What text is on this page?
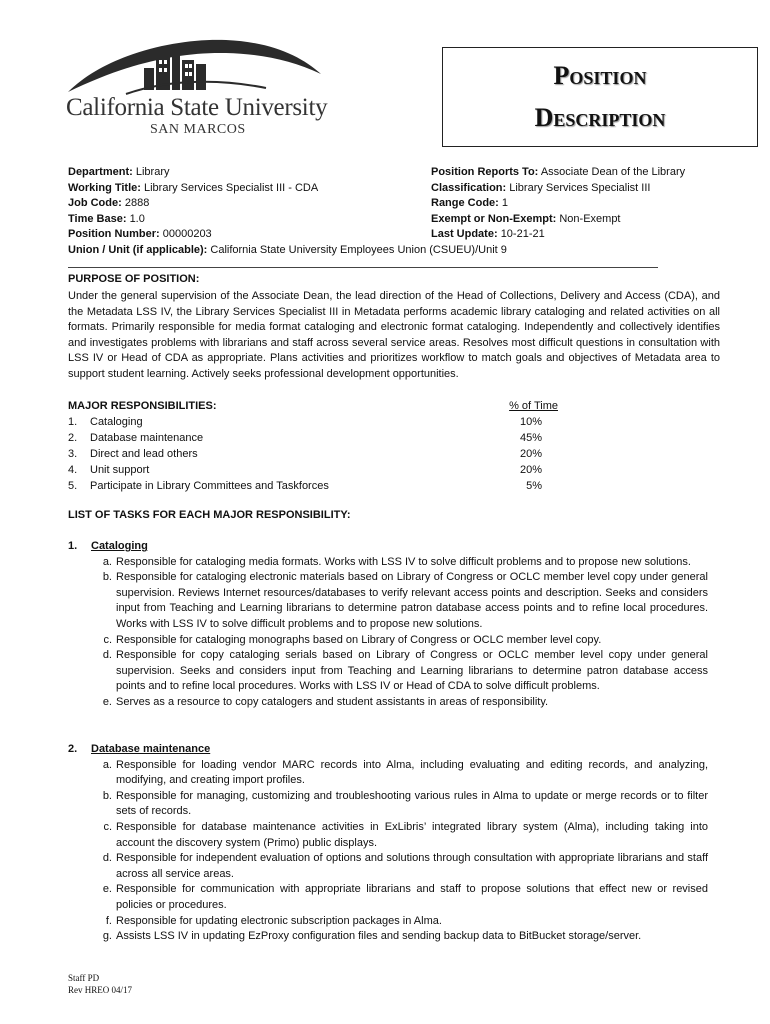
California State University
SAN MARCOS
Position
Description
Department: Library
Working Title: Library Services Specialist III - CDA
Job Code: 2888
Time Base: 1.0
Position Number: 00000203
Union / Unit (if applicable): California State University Employees Union (CSUEU)/Unit 9
Position Reports To: Associate Dean of the Library
Classification: Library Services Specialist III
Range Code: 1
Exempt or Non-Exempt: Non-Exempt
Last Update: 10-21-21
PURPOSE OF POSITION:
Under the general supervision of the Associate Dean, the lead direction of the Head of Collections, Delivery and Access (CDA), and the Metadata LSS IV, the Library Services Specialist III in Metadata performs academic library cataloging and related activities on all formats. Primarily responsible for media format cataloging and electronic format cataloging. Independently and collectively identifies and investigates problems with librarians and staff across several service areas. Resolves most difficult questions in consultation with LSS IV or Head of CDA as appropriate. Plans activities and prioritizes workflow to match goals and objectives of Metadata area to support student learning. Actively seeks professional development opportunities.
MAJOR RESPONSIBILITIES:	% of Time
1.	Cataloging	10%
2.	Database maintenance	45%
3.	Direct and lead others	20%
4.	Unit support	20%
5.	Participate in Library Committees and Taskforces	5%
LIST OF TASKS FOR EACH MAJOR RESPONSIBILITY:
1.	Cataloging
a. Responsible for cataloging media formats. Works with LSS IV to solve difficult problems and to propose new solutions.
b. Responsible for cataloging electronic materials based on Library of Congress or OCLC member level copy under general supervision. Reviews Internet resources/databases to verify relevant access points and description. Seeks and considers input from Teaching and Learning librarians to determine patron database access points and to refine local procedures. Works with LSS IV to solve difficult problems and to propose new solutions.
c. Responsible for cataloging monographs based on Library of Congress or OCLC member level copy.
d. Responsible for copy cataloging serials based on Library of Congress or OCLC member level copy under general supervision. Seeks and considers input from Teaching and Learning librarians to determine patron database access points and to refine local procedures. Works with LSS IV or Head of CDA to solve difficult problems.
e. Serves as a resource to copy catalogers and student assistants in areas of responsibility.
2.	Database maintenance
a. Responsible for loading vendor MARC records into Alma, including evaluating and editing records, and analyzing, modifying, and creating import profiles.
b. Responsible for managing, customizing and troubleshooting various rules in Alma to update or merge records or to filter sets of records.
c. Responsible for database maintenance activities in ExLibris’ integrated library system (Alma), including taking into account the discovery system (Primo) public displays.
d. Responsible for independent evaluation of options and solutions through consultation with appropriate librarians and staff across all service areas.
e. Responsible for communication with appropriate librarians and staff to propose solutions that effect new or revised policies or procedures.
f. Responsible for updating electronic subscription packages in Alma.
g. Assists LSS IV in updating EzProxy configuration files and sending backup data to BitBucket storage/server.
Staff PD
Rev HREO 04/17
